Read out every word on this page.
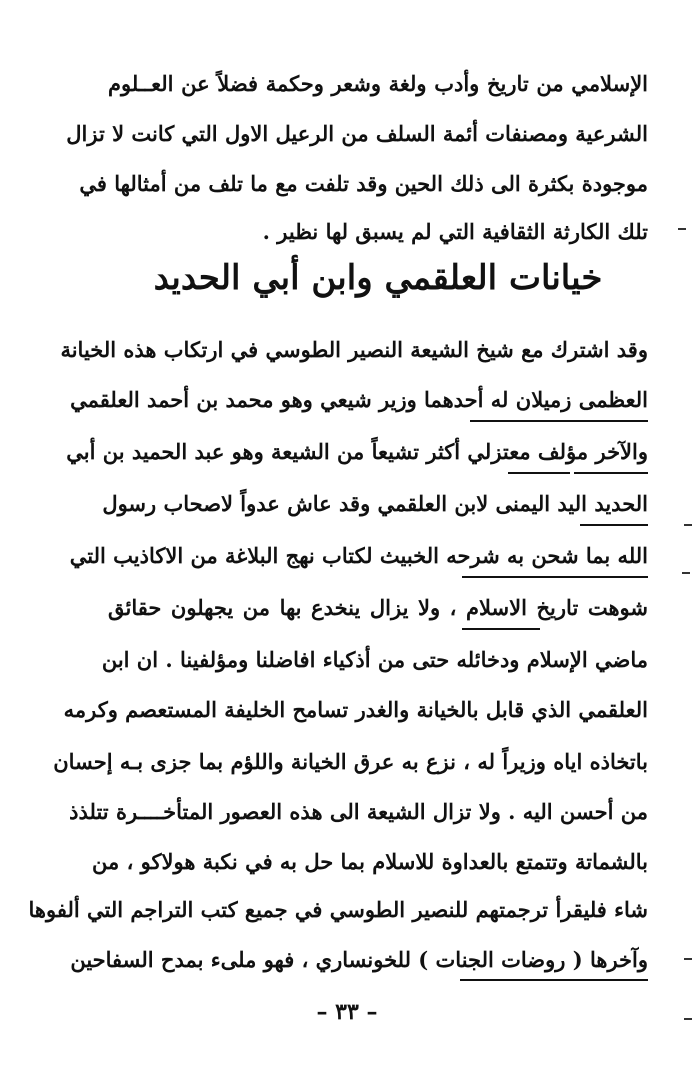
الإسلامي من تاريخ وأدب ولغة وشعر وحكمة فضلاً عن العــلوم
الشرعية ومصنفات أئمة السلف من الرعيل الاول التي كانت لا تزال
موجودة بكثرة الى ذلك الحين وقد تلفت مع ما تلف من أمثالها في
تلك الكارثة الثقافية التي لم يسبق لها نظير .
خيانات العلقمي وابن أبي الحديد
وقد اشترك مع شيخ الشيعة النصير الطوسي في ارتكاب هذه الخيانة
العظمى زميلان له أحدهما وزير شيعي وهو محمد بن أحمد العلقمي
والآخر مؤلف معتزلي أكثر تشيعاً من الشيعة وهو عبد الحميد بن أبي
الحديد اليد اليمنى لابن العلقمي وقد عاش عدواً لاصحاب رسول
الله بما شحن به شرحه الخبيث لكتاب نهج البلاغة من الاكاذيب التي
شوهت تاريخ الاسلام ، ولا يزال ينخدع بها من يجهلون حقائق
ماضي الإسلام ودخائله حتى من أذكياء افاضلنا ومؤلفينا . ان ابن
العلقمي الذي قابل بالخيانة والغدر تسامح الخليفة المستعصم وكرمه
باتخاذه اياه وزيراً له ، نزع به عرق الخيانة واللؤم بما جزى بـه إحسان
من أحسن اليه . ولا تزال الشيعة الى هذه العصور المتأخــــرة تتلذذ
بالشماتة وتتمتع بالعداوة للاسلام بما حل به في نكبة هولاكو ، من
شاء فليقرأ ترجمتهم للنصير الطوسي في جميع كتب التراجم التي ألفوها
وآخرها ( روضات الجنات ) للخونساري ، فهو ملىء بمدح السفاحين
– ٣٣ –
